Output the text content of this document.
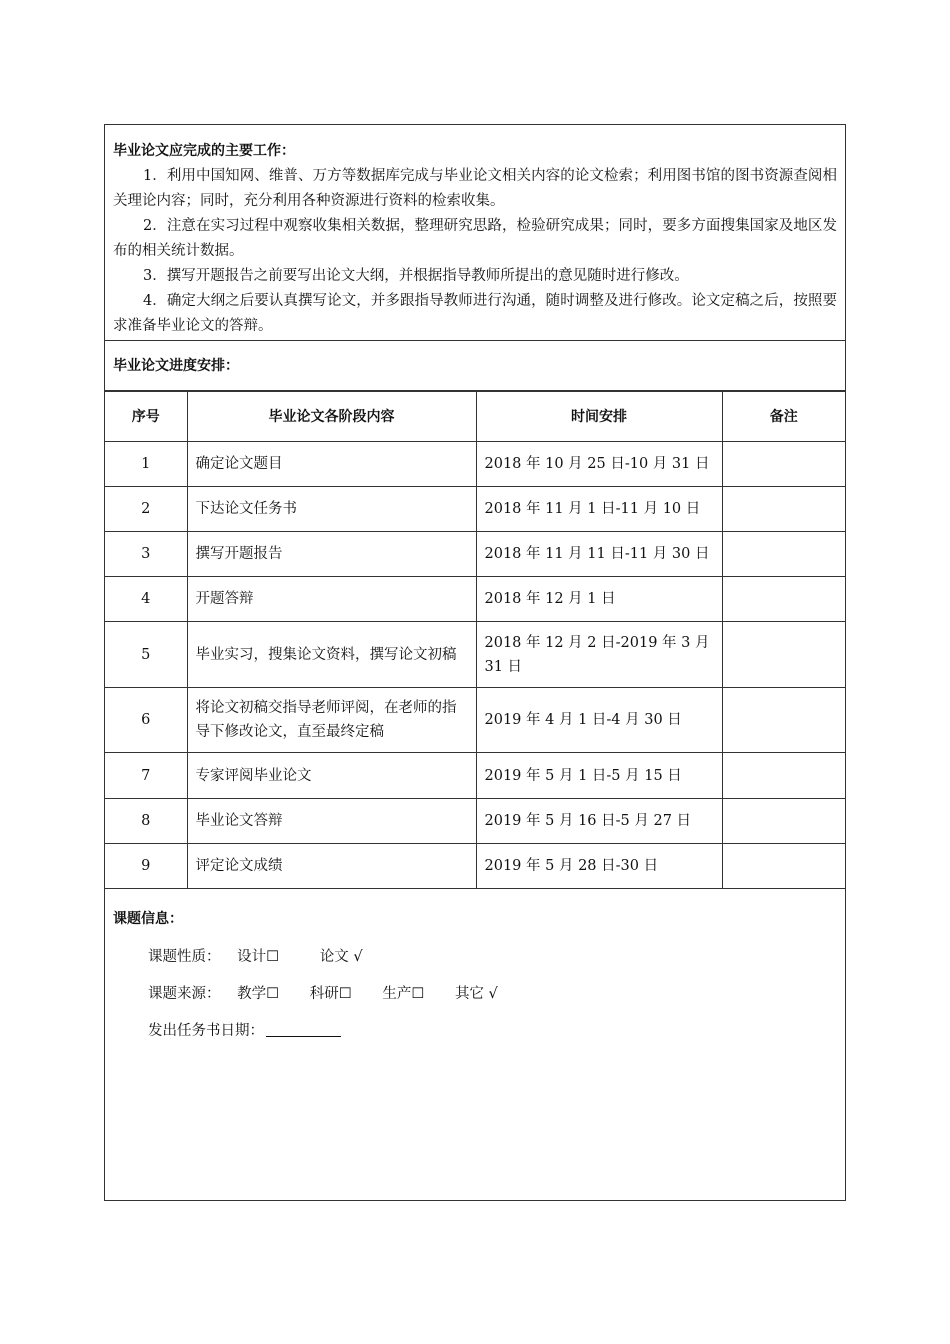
毕业论文应完成的主要工作：

1．利用中国知网、维普、万方等数据库完成与毕业论文相关内容的论文检索；利用图书馆的图书资源查阅相关理论内容；同时，充分利用各种资源进行资料的检索收集。

2．注意在实习过程中观察收集相关数据，整理研究思路，检验研究成果；同时，要多方面搜集国家及地区发布的相关统计数据。

3．撰写开题报告之前要写出论文大纲，并根据指导教师所提出的意见随时进行修改。

4．确定大纲之后要认真撰写论文，并多跟指导教师进行沟通，随时调整及进行修改。论文定稿之后，按照要求准备毕业论文的答辩。

毕业论文进度安排：
序号	毕业论文各阶段内容	时间安排	备注
1	确定论文题目	2018 年 10 月 25 日-10 月 31 日	
2	下达论文任务书	2018 年 11 月 1 日-11 月 10 日	
3	撰写开题报告	2018 年 11 月 11 日-11 月 30 日	
4	开题答辩	2018 年 12 月 1 日	
5	毕业实习，搜集论文资料，撰写论文初稿	2018 年 12 月 2 日-2019 年 3 月 31 日	
6	将论文初稿交指导老师评阅，在老师的指导下修改论文，直至最终定稿	2019 年 4 月 1 日-4 月 30 日	
7	专家评阅毕业论文	2019 年 5 月 1 日-5 月 15 日	
8	毕业论文答辩	2019 年 5 月 16 日-5 月 27 日	
9	评定论文成绩	2019 年 5 月 28 日-30 日	
课题信息：
课题性质： 设计☐	论文 √
课题来源： 教学☐ 科研☐ 生产☐ 其它 √
发出任务书日期：
